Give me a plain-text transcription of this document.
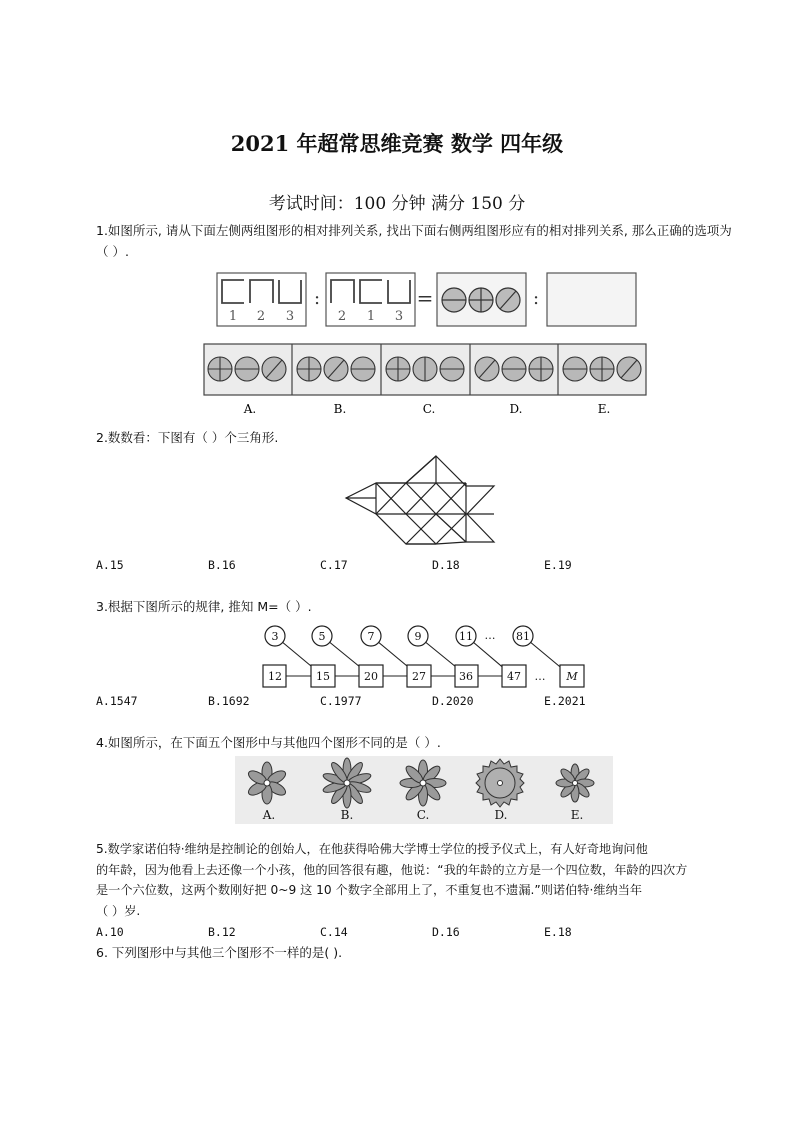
2021 年超常思维竞赛 数学 四年级
考试时间：100 分钟 满分 150 分
1.如图所示, 请从下面左侧两组图形的相对排列关系, 找出下面右侧两组图形应有的相对排列关系, 那么正确的选项为（ ）.
1 2 3
:
2 1 3
=	:
A.	B.	C.	D.	E.
2.数数看：下图有（ ）个三角形.
A.15	B.16	C.17	D.18	E.19
3.根据下图所示的规律, 推知 M=（ ）.
3	5	7	9	11	81
12	15	20	27	36	47	M
…
…
A.1547	B.1692	C.1977	D.2020	E.2021
4.如图所示，在下面五个图形中与其他四个图形不同的是（ ）.
A.	B.	C.	D.	E.
5.数学家诺伯特·维纳是控制论的创始人，在他获得哈佛大学博士学位的授予仪式上，有人好奇地询问他
的年龄，因为他看上去还像一个小孩，他的回答很有趣，他说：“我的年龄的立方是一个四位数，年龄的四次方
是一个六位数，这两个数刚好把 0~9 这 10 个数字全部用上了，不重复也不遗漏.”则诺伯特·维纳当年
（ ）岁.
A.10	B.12	C.14	D.16	E.18
6. 下列图形中与其他三个图形不一样的是( ).
